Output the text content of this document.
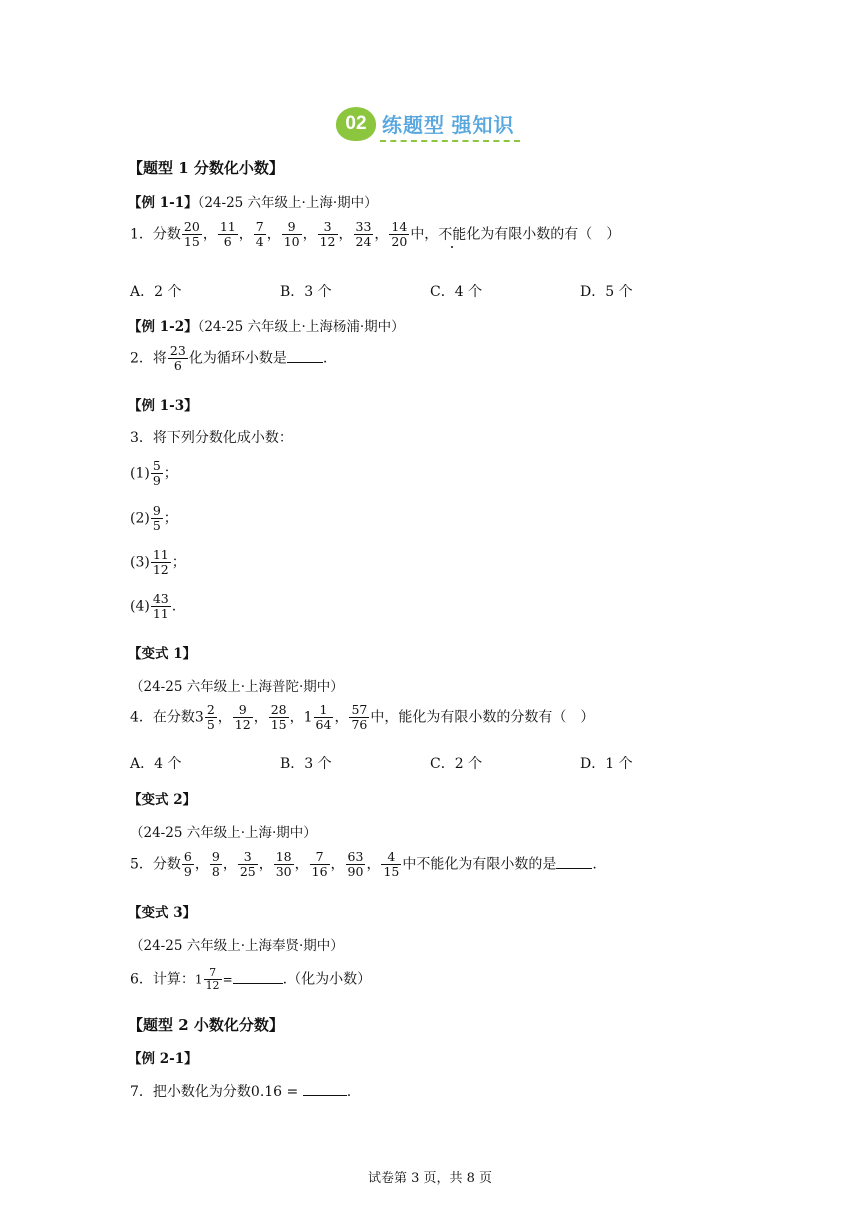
02 练题型 强知识
【题型 1 分数化小数】
【例 1-1】（24-25 六年级上·上海·期中）
1．分数 $\frac{20}{15}$ ， $\frac{11}{6}$ ， $\frac{7}{4}$ ， $\frac{9}{10}$ ， $\frac{3}{12}$ ， $\frac{33}{24}$ ， $\frac{14}{20}$ 中，不能化为有限小数的有（　）
A．2 个	B．3 个	C．4 个	D．5 个
【例 1-2】（24-25 六年级上·上海杨浦·期中）
2．将 $\frac{23}{6}$ 化为循环小数是	.
【例 1-3】
3．将下列分数化成小数：
$(1) \frac{5}{9}$ ；
$(2) \frac{9}{5}$ ；
$(3) \frac{11}{12}$ ；
$(4) \frac{43}{11}$ .
【变式 1】
（24-25 六年级上·上海普陀·期中）
4．在分数$3 \frac{2}{5}$ ， $\frac{9}{12}$ ， $\frac{28}{15}$ ，$1 \frac{1}{64}$ ， $\frac{57}{76}$ 中，能化为有限小数的分数有（　）
A．4 个	B．3 个	C．2 个	D．1 个
【变式 2】
（24-25 六年级上·上海·期中）
5．分数 $\frac{6}{9}$ ， $\frac{9}{8}$ ， $\frac{3}{25}$ ， $\frac{18}{30}$ ， $\frac{7}{16}$ ， $\frac{63}{90}$ ， $\frac{4}{15}$ 中不能化为有限小数的是	.
【变式 3】
（24-25 六年级上·上海奉贤·期中）
6．计算：$1 \frac{7}{12}$ =	.（化为小数）
【题型 2 小数化分数】
【例 2-1】
7．把小数化为分数0.16 =	.
试卷第 3 页，共 8 页
